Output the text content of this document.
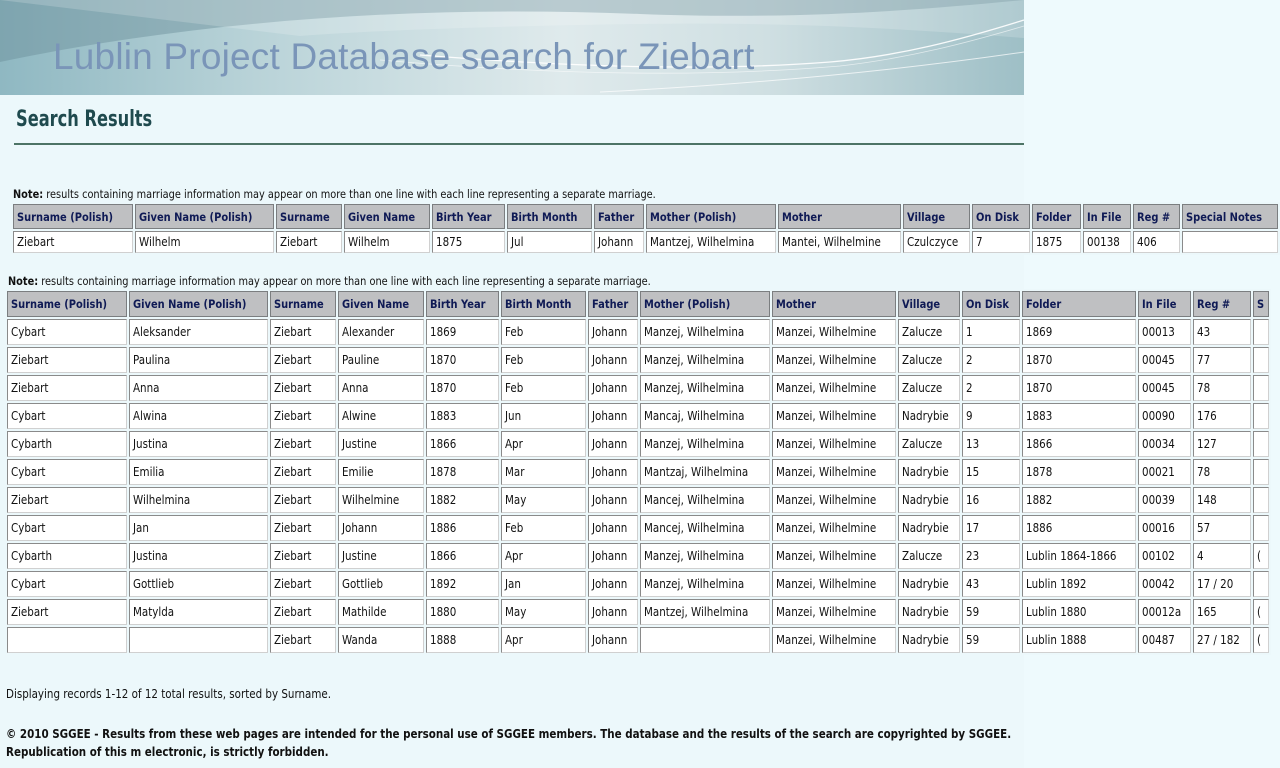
Lublin Project Database search for Ziebart
Search Results
Note: results containing marriage information may appear on more than one line with each line representing a separate marriage.
Surname (Polish)	Given Name (Polish)	Surname	Given Name	Birth Year	Birth Month	Father	Mother (Polish)	Mother	Village	On Disk	Folder	In File	Reg #	Special Notes
Ziebart	Wilhelm	Ziebart	Wilhelm	1875	Jul	Johann	Mantzej, Wilhelmina	Mantei, Wilhelmine	Czulczyce	7	1875	00138	406	
Note: results containing marriage information may appear on more than one line with each line representing a separate marriage.
Surname (Polish)	Given Name (Polish)	Surname	Given Name	Birth Year	Birth Month	Father	Mother (Polish)	Mother	Village	On Disk	Folder	In File	Reg #	S
Cybart	Aleksander	Ziebart	Alexander	1869	Feb	Johann	Manzej, Wilhelmina	Manzei, Wilhelmine	Zalucze	1	1869	00013	43	
Ziebart	Paulina	Ziebart	Pauline	1870	Feb	Johann	Manzej, Wilhelmina	Manzei, Wilhelmine	Zalucze	2	1870	00045	77	
Ziebart	Anna	Ziebart	Anna	1870	Feb	Johann	Manzej, Wilhelmina	Manzei, Wilhelmine	Zalucze	2	1870	00045	78	
Cybart	Alwina	Ziebart	Alwine	1883	Jun	Johann	Mancaj, Wilhelmina	Manzei, Wilhelmine	Nadrybie	9	1883	00090	176	
Cybarth	Justina	Ziebart	Justine	1866	Apr	Johann	Manzej, Wilhelmina	Manzei, Wilhelmine	Zalucze	13	1866	00034	127	
Cybart	Emilia	Ziebart	Emilie	1878	Mar	Johann	Mantzaj, Wilhelmina	Manzei, Wilhelmine	Nadrybie	15	1878	00021	78	
Ziebart	Wilhelmina	Ziebart	Wilhelmine	1882	May	Johann	Mancej, Wilhelmina	Manzei, Wilhelmine	Nadrybie	16	1882	00039	148	
Cybart	Jan	Ziebart	Johann	1886	Feb	Johann	Mancej, Wilhelmina	Manzei, Wilhelmine	Nadrybie	17	1886	00016	57	
Cybarth	Justina	Ziebart	Justine	1866	Apr	Johann	Manzej, Wilhelmina	Manzei, Wilhelmine	Zalucze	23	Lublin 1864-1866	00102	4	(
Cybart	Gottlieb	Ziebart	Gottlieb	1892	Jan	Johann	Manzej, Wilhelmina	Manzei, Wilhelmine	Nadrybie	43	Lublin 1892	00042	17 / 20	
Ziebart	Matylda	Ziebart	Mathilde	1880	May	Johann	Mantzej, Wilhelmina	Manzei, Wilhelmine	Nadrybie	59	Lublin 1880	00012a	165	(
		Ziebart	Wanda	1888	Apr	Johann		Manzei, Wilhelmine	Nadrybie	59	Lublin 1888	00487	27 / 182	(
Displaying records 1-12 of 12 total results, sorted by Surname.
© 2010 SGGEE - Results from these web pages are intended for the personal use of SGGEE members. The database and the results of the search are copyrighted by SGGEE. Republication of this m electronic, is strictly forbidden.
